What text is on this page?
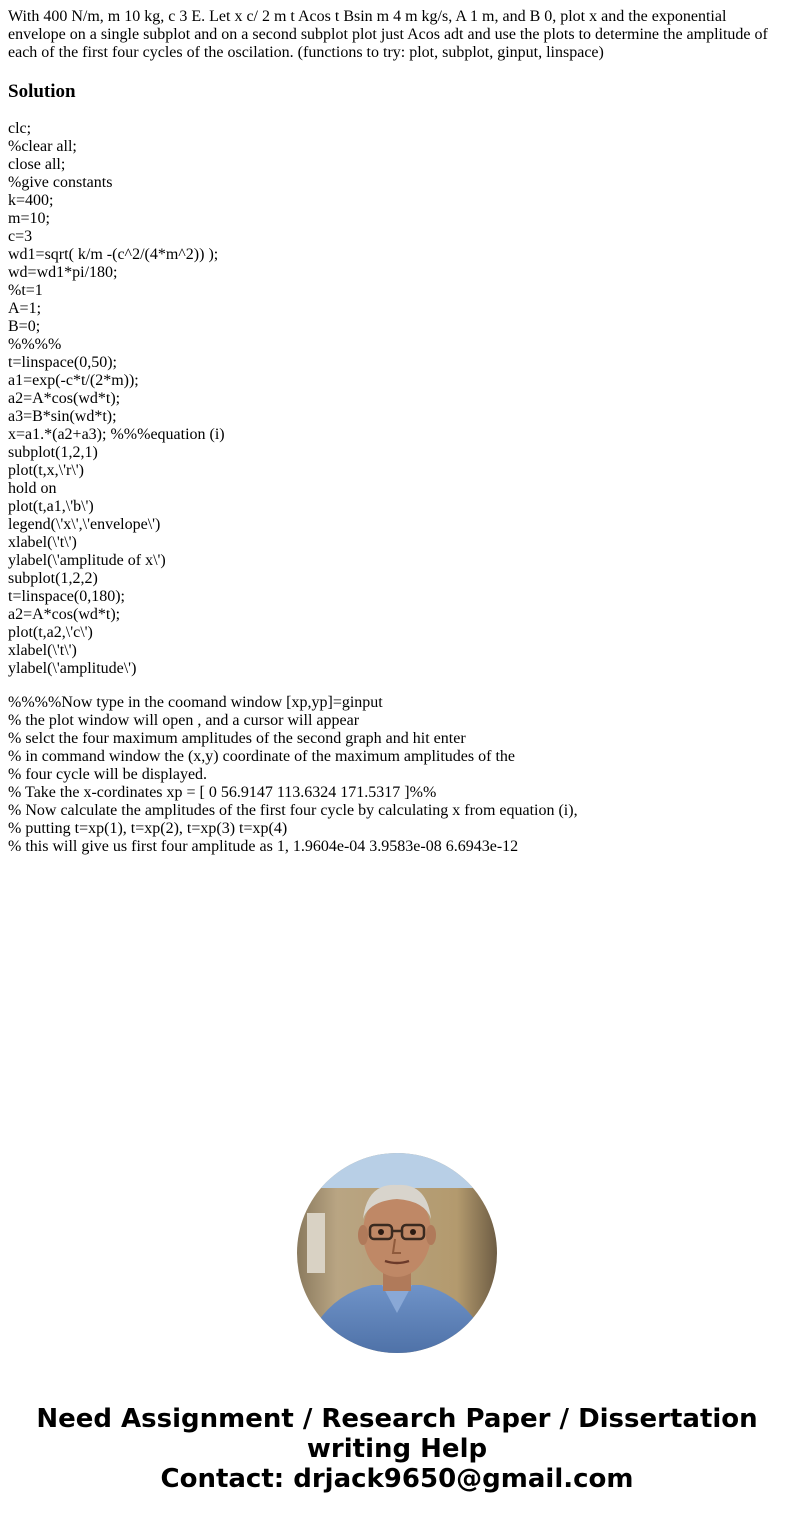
With 400 N/m, m 10 kg, c 3 E. Let x c/ 2 m t Acos t Bsin m 4 m kg/s, A 1 m, and B 0, plot x and the exponential envelope on a single subplot and on a second subplot plot just Acos adt and use the plots to determine the amplitude of each of the first four cycles of the oscilation. (functions to try: plot, subplot, ginput, linspace)

Solution
clc;
%clear all;
close all;
%give constants
k=400;
m=10;
c=3
wd1=sqrt( k/m -(c^2/(4*m^2)) );
wd=wd1*pi/180;
%t=1
A=1;
B=0;
%%%%
t=linspace(0,50);
a1=exp(-c*t/(2*m));
a2=A*cos(wd*t);
a3=B*sin(wd*t);
x=a1.*(a2+a3); %%%equation (i)
subplot(1,2,1)
plot(t,x,\'r\')
hold on
plot(t,a1,\'b\')
legend(\'x\',\'envelope\')
xlabel(\'t\')
ylabel(\'amplitude of x\')
subplot(1,2,2)
t=linspace(0,180);
a2=A*cos(wd*t);
plot(t,a2,\'c\')
xlabel(\'t\')
ylabel(\'amplitude\')
%%%%Now type in the coomand window [xp,yp]=ginput
% the plot window will open , and a cursor will appear
% selct the four maximum amplitudes of the second graph and hit enter
% in command window the (x,y) coordinate of the maximum amplitudes of the
% four cycle will be displayed.
% Take the x-cordinates xp = [ 0 56.9147 113.6324 171.5317 ]%%
% Now calculate the amplitudes of the first four cycle by calculating x from equation (i),
% putting t=xp(1), t=xp(2), t=xp(3) t=xp(4)
% this will give us first four amplitude as 1, 1.9604e-04 3.9583e-08 6.6943e-12

Need Assignment / Research Paper / Dissertation
writing Help
Contact: drjack9650@gmail.com
